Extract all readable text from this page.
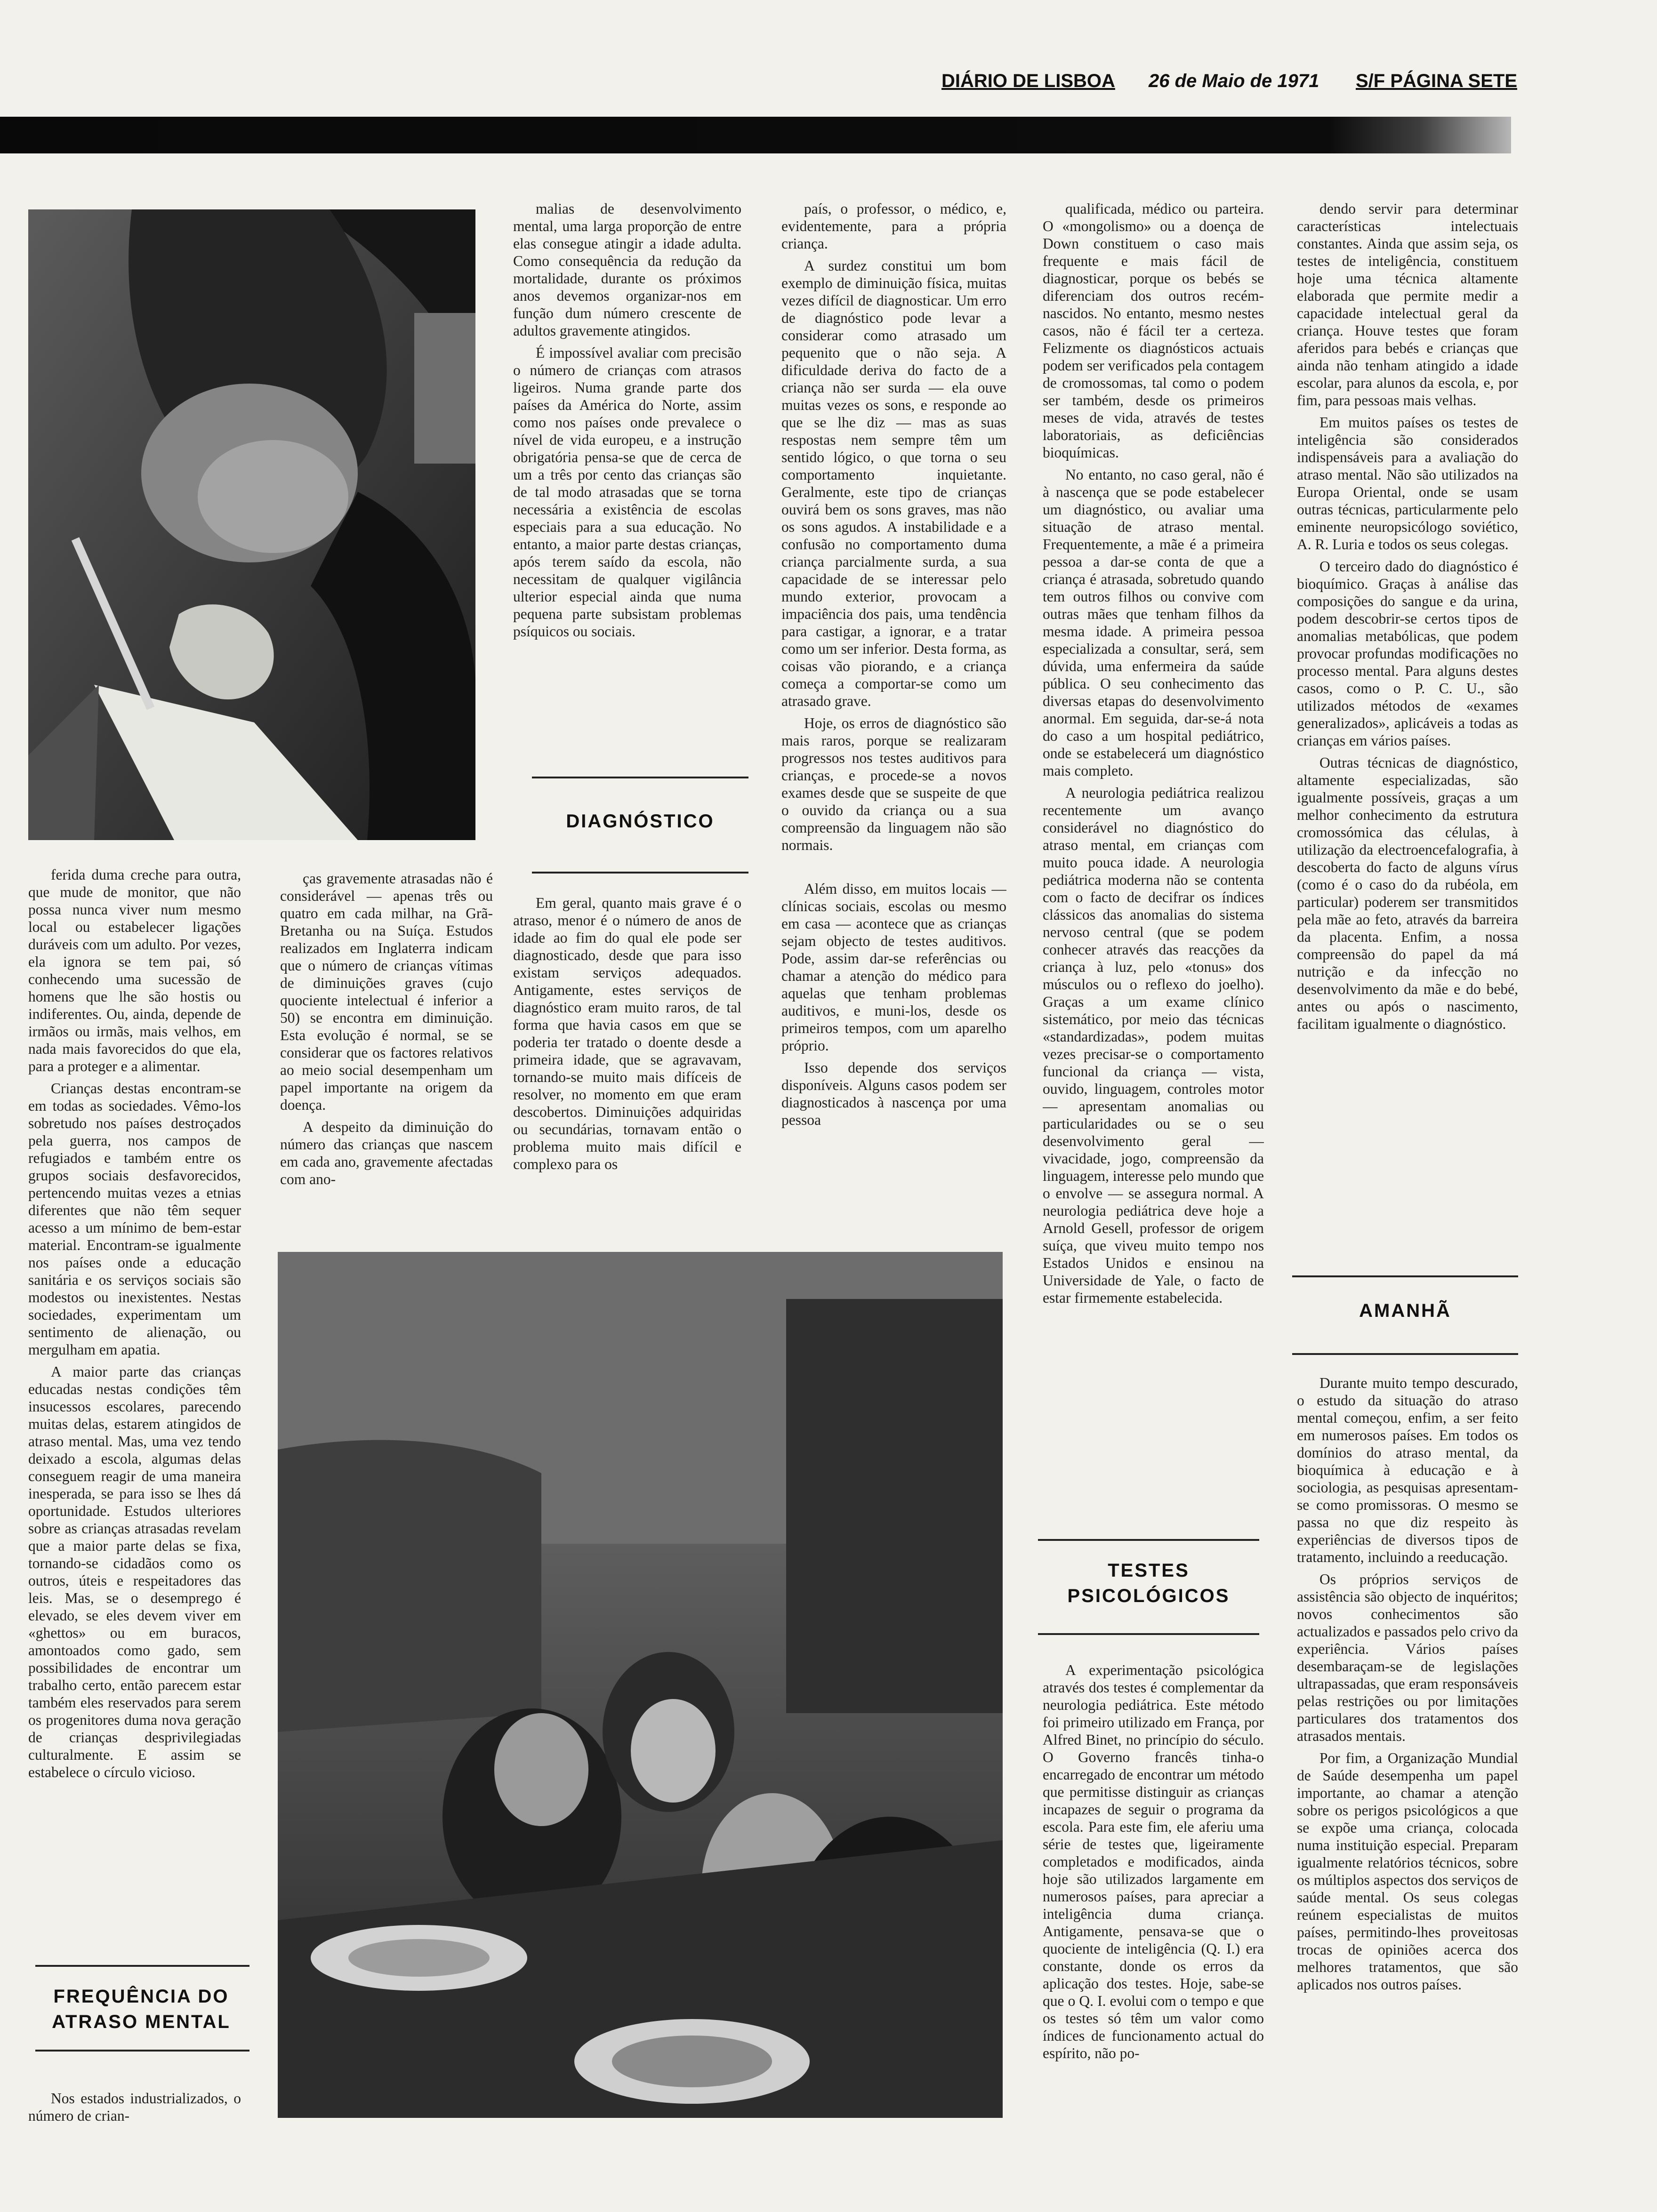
DIÁRIO DE LISBOA 26 de Maio de 1971 S/F PÁGINA SETE

ferida duma creche para outra, que mude de monitor, que não possa nunca viver num mesmo local ou estabelecer ligações duráveis com um adulto. Por vezes, ela ignora se tem pai, só conhecendo uma sucessão de homens que lhe são hostis ou indiferentes. Ou, ainda, depende de irmãos ou irmãs, mais velhos, em nada mais favorecidos do que ela, para a proteger e a alimentar.

Crianças destas encontram-se em todas as sociedades. Vêmo-los sobretudo nos países destroçados pela guerra, nos campos de refugiados e também entre os grupos sociais desfavorecidos, pertencendo muitas vezes a etnias diferentes que não têm sequer acesso a um mínimo de bem-estar material. Encontram-se igualmente nos países onde a educação sanitária e os serviços sociais são modestos ou inexistentes. Nestas sociedades, experimentam um sentimento de alienação, ou mergulham em apatia.

A maior parte das crianças educadas nestas condições têm insucessos escolares, parecendo muitas delas, estarem atingidos de atraso mental. Mas, uma vez tendo deixado a escola, algumas delas conseguem reagir de uma maneira inesperada, se para isso se lhes dá oportunidade. Estudos ulteriores sobre as crianças atrasadas revelam que a maior parte delas se fixa, tornando-se cidadãos como os outros, úteis e respeitadores das leis. Mas, se o desemprego é elevado, se eles devem viver em «ghettos» ou em buracos, amontoados como gado, sem possibilidades de encontrar um trabalho certo, então parecem estar também eles reservados para serem os progenitores duma nova geração de crianças desprivilegiadas culturalmente. E assim se estabelece o círculo vicioso.

FREQUÊNCIA DO ATRASO MENTAL

Nos estados industrializados, o número de crian-

malias de desenvolvimento mental, uma larga proporção de entre elas consegue atingir a idade adulta. Como consequência da redução da mortalidade, durante os próximos anos devemos organizar-nos em função dum número crescente de adultos gravemente atingidos.

É impossível avaliar com precisão o número de crianças com atrasos ligeiros. Numa grande parte dos países da América do Norte, assim como nos países onde prevalece o nível de vida europeu, e a instrução obrigatória pensa-se que de cerca de um a três por cento das crianças são de tal modo atrasadas que se torna necessária a existência de escolas especiais para a sua educação. No entanto, a maior parte destas crianças, após terem saído da escola, não necessitam de qualquer vigilância ulterior especial ainda que numa pequena parte subsistam problemas psíquicos ou sociais.

DIAGNÓSTICO

ças gravemente atrasadas não é considerável — apenas três ou quatro em cada milhar, na Grã-Bretanha ou na Suíça. Estudos realizados em Inglaterra indicam que o número de crianças vítimas de diminuições graves (cujo quociente intelectual é inferior a 50) se encontra em diminuição. Esta evolução é normal, se se considerar que os factores relativos ao meio social desempenham um papel importante na origem da doença.

A despeito da diminuição do número das crianças que nascem em cada ano, gravemente afectadas com ano-

país, o professor, o médico, e, evidentemente, para a própria criança.

A surdez constitui um bom exemplo de diminuição física, muitas vezes difícil de diagnosticar. Um erro de diagnóstico pode levar a considerar como atrasado um pequenito que o não seja. A dificuldade deriva do facto de a criança não ser surda — ela ouve muitas vezes os sons, e responde ao que se lhe diz — mas as suas respostas nem sempre têm um sentido lógico, o que torna o seu comportamento inquietante. Geralmente, este tipo de crianças ouvirá bem os sons graves, mas não os sons agudos. A instabilidade e a confusão no comportamento duma criança parcialmente surda, a sua capacidade de se interessar pelo mundo exterior, provocam a impaciência dos pais, uma tendência para castigar, a ignorar, e a tratar como um ser inferior. Desta forma, as coisas vão piorando, e a criança começa a comportar-se como um atrasado grave.

Hoje, os erros de diagnóstico são mais raros, porque se realizaram progressos nos testes auditivos para crianças, e procede-se a novos exames desde que se suspeite de que o ouvido da criança ou a sua compreensão da linguagem não são normais.

Em geral, quanto mais grave é o atraso, menor é o número de anos de idade ao fim do qual ele pode ser diagnosticado, desde que para isso existam serviços adequados. Antigamente, estes serviços de diagnóstico eram muito raros, de tal forma que havia casos em que se poderia ter tratado o doente desde a primeira idade, que se agravavam, tornando-se muito mais difíceis de resolver, no momento em que eram descobertos. Diminuições adquiridas ou secundárias, tornavam então o problema muito mais difícil e complexo para os

Além disso, em muitos locais — clínicas sociais, escolas ou mesmo em casa — acontece que as crianças sejam objecto de testes auditivos. Pode, assim dar-se referências ou chamar a atenção do médico para aquelas que tenham problemas auditivos, e muni-los, desde os primeiros tempos, com um aparelho próprio.

Isso depende dos serviços disponíveis. Alguns casos podem ser diagnosticados à nascença por uma pessoa

qualificada, médico ou parteira. O «mongolismo» ou a doença de Down constituem o caso mais frequente e mais fácil de diagnosticar, porque os bebés se diferenciam dos outros recém-nascidos. No entanto, mesmo nestes casos, não é fácil ter a certeza. Felizmente os diagnósticos actuais podem ser verificados pela contagem de cromossomas, tal como o podem ser também, desde os primeiros meses de vida, através de testes laboratoriais, as deficiências bioquímicas.

No entanto, no caso geral, não é à nascença que se pode estabelecer um diagnóstico, ou avaliar uma situação de atraso mental. Frequentemente, a mãe é a primeira pessoa a dar-se conta de que a criança é atrasada, sobretudo quando tem outros filhos ou convive com outras mães que tenham filhos da mesma idade. A primeira pessoa especializada a consultar, será, sem dúvida, uma enfermeira da saúde pública. O seu conhecimento das diversas etapas do desenvolvimento anormal. Em seguida, dar-se-á nota do caso a um hospital pediátrico, onde se estabelecerá um diagnóstico mais completo.

A neurologia pediátrica realizou recentemente um avanço considerável no diagnóstico do atraso mental, em crianças com muito pouca idade. A neurologia pediátrica moderna não se contenta com o facto de decifrar os índices clássicos das anomalias do sistema nervoso central (que se podem conhecer através das reacções da criança à luz, pelo «tonus» dos músculos ou o reflexo do joelho). Graças a um exame clínico sistemático, por meio das técnicas «standardizadas», podem muitas vezes precisar-se o comportamento funcional da criança — vista, ouvido, linguagem, controles motor — apresentam anomalias ou particularidades ou se o seu desenvolvimento geral — vivacidade, jogo, compreensão da linguagem, interesse pelo mundo que o envolve — se assegura normal. A neurologia pediátrica deve hoje a Arnold Gesell, professor de origem suíça, que viveu muito tempo nos Estados Unidos e ensinou na Universidade de Yale, o facto de estar firmemente estabelecida.

TESTES PSICOLÓGICOS

A experimentação psicológica através dos testes é complementar da neurologia pediátrica. Este método foi primeiro utilizado em França, por Alfred Binet, no princípio do século. O Governo francês tinha-o encarregado de encontrar um método que permitisse distinguir as crianças incapazes de seguir o programa da escola. Para este fim, ele aferiu uma série de testes que, ligeiramente completados e modificados, ainda hoje são utilizados largamente em numerosos países, para apreciar a inteligência duma criança. Antigamente, pensava-se que o quociente de inteligência (Q. I.) era constante, donde os erros da aplicação dos testes. Hoje, sabe-se que o Q. I. evolui com o tempo e que os testes só têm um valor como índices de funcionamento actual do espírito, não po-

dendo servir para determinar características intelectuais constantes. Ainda que assim seja, os testes de inteligência, constituem hoje uma técnica altamente elaborada que permite medir a capacidade intelectual geral da criança. Houve testes que foram aferidos para bebés e crianças que ainda não tenham atingido a idade escolar, para alunos da escola, e, por fim, para pessoas mais velhas.

Em muitos países os testes de inteligência são considerados indispensáveis para a avaliação do atraso mental. Não são utilizados na Europa Oriental, onde se usam outras técnicas, particularmente pelo eminente neuropsicólogo soviético, A. R. Luria e todos os seus colegas.

O terceiro dado do diagnóstico é bioquímico. Graças à análise das composições do sangue e da urina, podem descobrir-se certos tipos de anomalias metabólicas, que podem provocar profundas modificações no processo mental. Para alguns destes casos, como o P. C. U., são utilizados métodos de «exames generalizados», aplicáveis a todas as crianças em vários países.

Outras técnicas de diagnóstico, altamente especializadas, são igualmente possíveis, graças a um melhor conhecimento da estrutura cromossómica das células, à utilização da electroencefalografia, à descoberta do facto de alguns vírus (como é o caso do da rubéola, em particular) poderem ser transmitidos pela mãe ao feto, através da barreira da placenta. Enfim, a nossa compreensão do papel da má nutrição e da infecção no desenvolvimento da mãe e do bebé, antes ou após o nascimento, facilitam igualmente o diagnóstico.

AMANHÃ

Durante muito tempo descurado, o estudo da situação do atraso mental começou, enfim, a ser feito em numerosos países. Em todos os domínios do atraso mental, da bioquímica à educação e à sociologia, as pesquisas apresentam-se como promissoras. O mesmo se passa no que diz respeito às experiências de diversos tipos de tratamento, incluindo a reeducação.

Os próprios serviços de assistência são objecto de inquéritos; novos conhecimentos são actualizados e passados pelo crivo da experiência. Vários países desembaraçam-se de legislações ultrapassadas, que eram responsáveis pelas restrições ou por limitações particulares dos tratamentos dos atrasados mentais.

Por fim, a Organização Mundial de Saúde desempenha um papel importante, ao chamar a atenção sobre os perigos psicológicos a que se expõe uma criança, colocada numa instituição especial. Preparam igualmente relatórios técnicos, sobre os múltiplos aspectos dos serviços de saúde mental. Os seus colegas reúnem especialistas de muitos países, permitindo-lhes proveitosas trocas de opiniões acerca dos melhores tratamentos, que são aplicados nos outros países.
